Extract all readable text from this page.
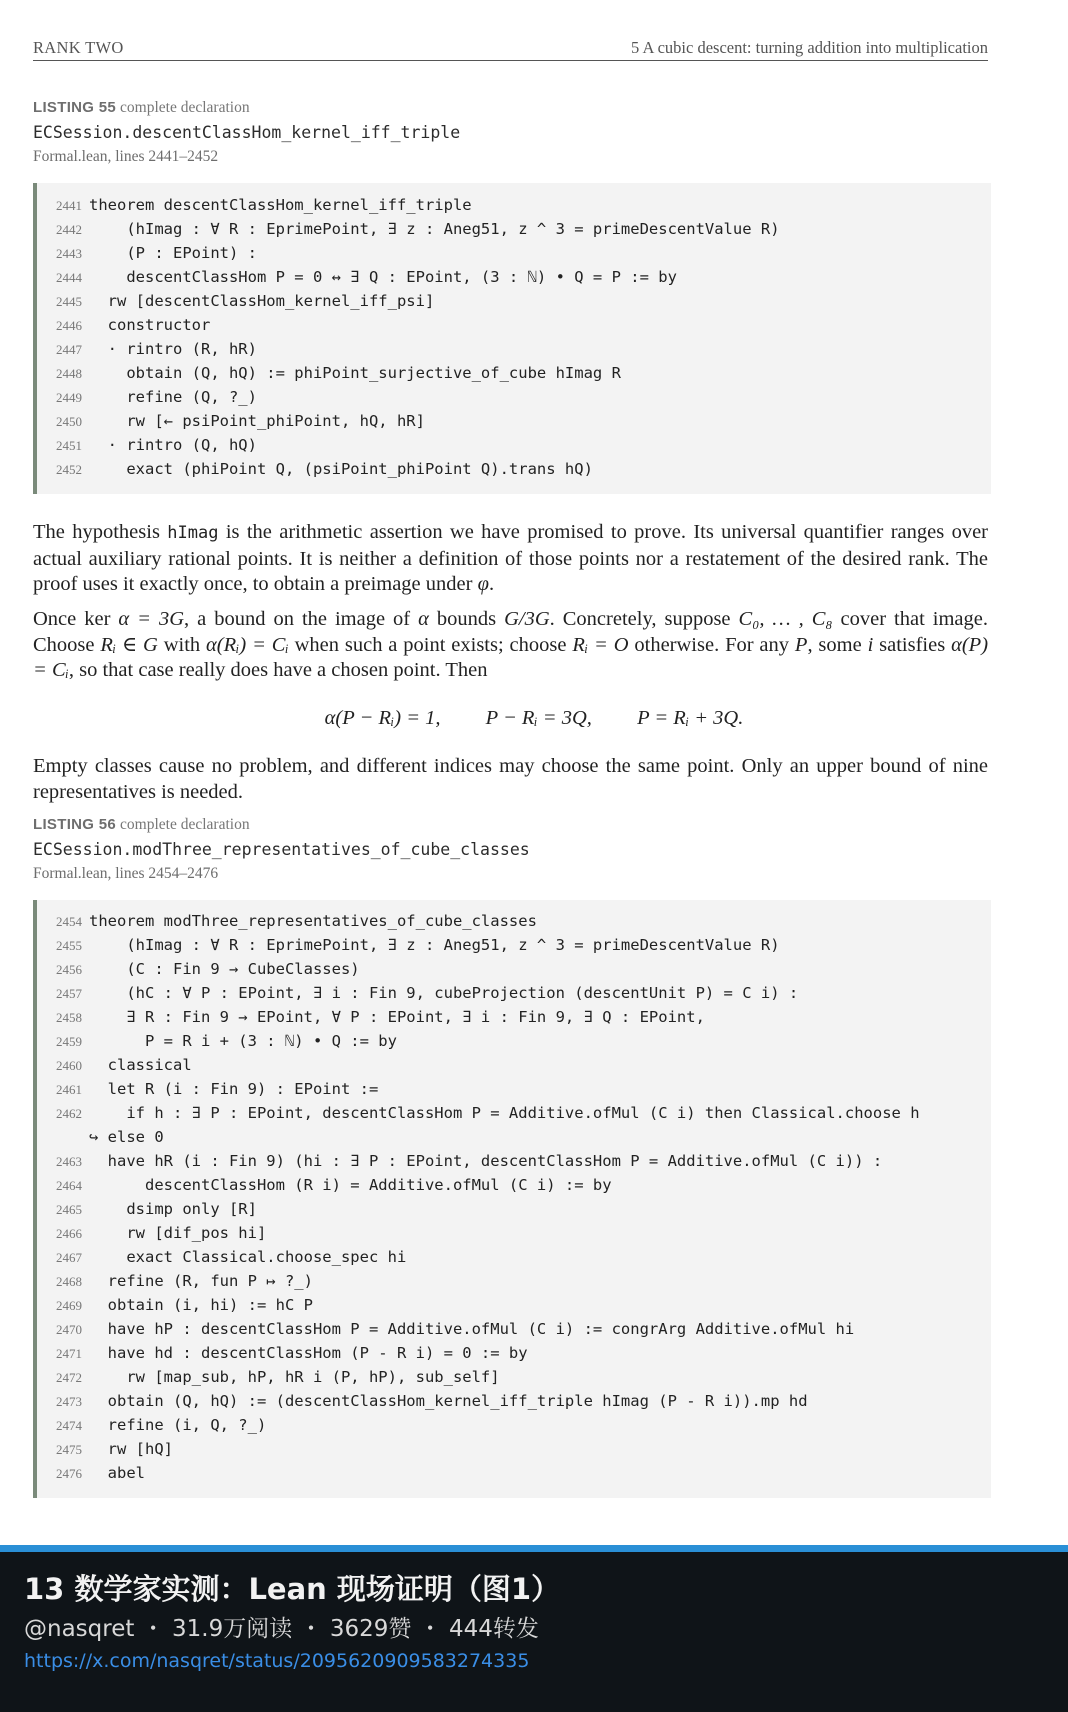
RANK TWO	5 A cubic descent: turning addition into multiplication
LISTING 55 complete declaration
ECSession.descentClassHom_kernel_iff_triple
Formal.lean, lines 2441–2452
2441 theorem descentClassHom_kernel_iff_triple
2442 (hImag : ∀ R : EprimePoint, ∃ z : Aneg51, z ^ 3 = primeDescentValue R)
2443 (P : EPoint) :
2444 descentClassHom P = 0 ↔ ∃ Q : EPoint, (3 : ℕ) • Q = P := by
2445 rw [descentClassHom_kernel_iff_psi]
2446 constructor
2447 · rintro (R, hR)
2448 obtain (Q, hQ) := phiPoint_surjective_of_cube hImag R
2449 refine (Q, ?_)
2450 rw [← psiPoint_phiPoint, hQ, hR]
2451 · rintro (Q, hQ)
2452 exact (phiPoint Q, (psiPoint_phiPoint Q).trans hQ)

The hypothesis hImag is the arithmetic assertion we have promised to prove. Its universal quantifier ranges over actual auxiliary rational points. It is neither a definition of those points nor a restatement of the desired rank. The proof uses it exactly once, to obtain a preimage under φ.

Once ker α = 3G, a bound on the image of α bounds G/3G. Concretely, suppose C₀, … , C₈ cover that image. Choose Rᵢ ∈ G with α(Rᵢ) = Cᵢ when such a point exists; choose Rᵢ = O otherwise. For any P, some i satisfies α(P) = Cᵢ, so that case really does have a chosen point. Then

α(P − Rᵢ) = 1, P − Rᵢ = 3Q, P = Rᵢ + 3Q.

Empty classes cause no problem, and different indices may choose the same point. Only an upper bound of nine representatives is needed.

LISTING 56 complete declaration
ECSession.modThree_representatives_of_cube_classes
Formal.lean, lines 2454–2476
2454 theorem modThree_representatives_of_cube_classes
2455 (hImag : ∀ R : EprimePoint, ∃ z : Aneg51, z ^ 3 = primeDescentValue R)
2456 (C : Fin 9 → CubeClasses)
2457 (hC : ∀ P : EPoint, ∃ i : Fin 9, cubeProjection (descentUnit P) = C i) :
2458 ∃ R : Fin 9 → EPoint, ∀ P : EPoint, ∃ i : Fin 9, ∃ Q : EPoint,
2459 P = R i + (3 : ℕ) • Q := by
2460 classical
2461 let R (i : Fin 9) : EPoint :=
2462 if h : ∃ P : EPoint, descentClassHom P = Additive.ofMul (C i) then Classical.choose h
↪ else 0
2463 have hR (i : Fin 9) (hi : ∃ P : EPoint, descentClassHom P = Additive.ofMul (C i)) :
2464 descentClassHom (R i) = Additive.ofMul (C i) := by
2465 dsimp only [R]
2466 rw [dif_pos hi]
2467 exact Classical.choose_spec hi
2468 refine (R, fun P ↦ ?_)
2469 obtain (i, hi) := hC P
2470 have hP : descentClassHom P = Additive.ofMul (C i) := congrArg Additive.ofMul hi
2471 have hd : descentClassHom (P - R i) = 0 := by
2472 rw [map_sub, hP, hR i (P, hP), sub_self]
2473 obtain (Q, hQ) := (descentClassHom_kernel_iff_triple hImag (P - R i)).mp hd
2474 refine (i, Q, ?_)
2475 rw [hQ]
2476 abel
13 数学家实测：Lean 现场证明（图1）
@nasqret ・ 31.9万阅读 ・ 3629赞 ・ 444转发
https://x.com/nasqret/status/2095620909583274335
